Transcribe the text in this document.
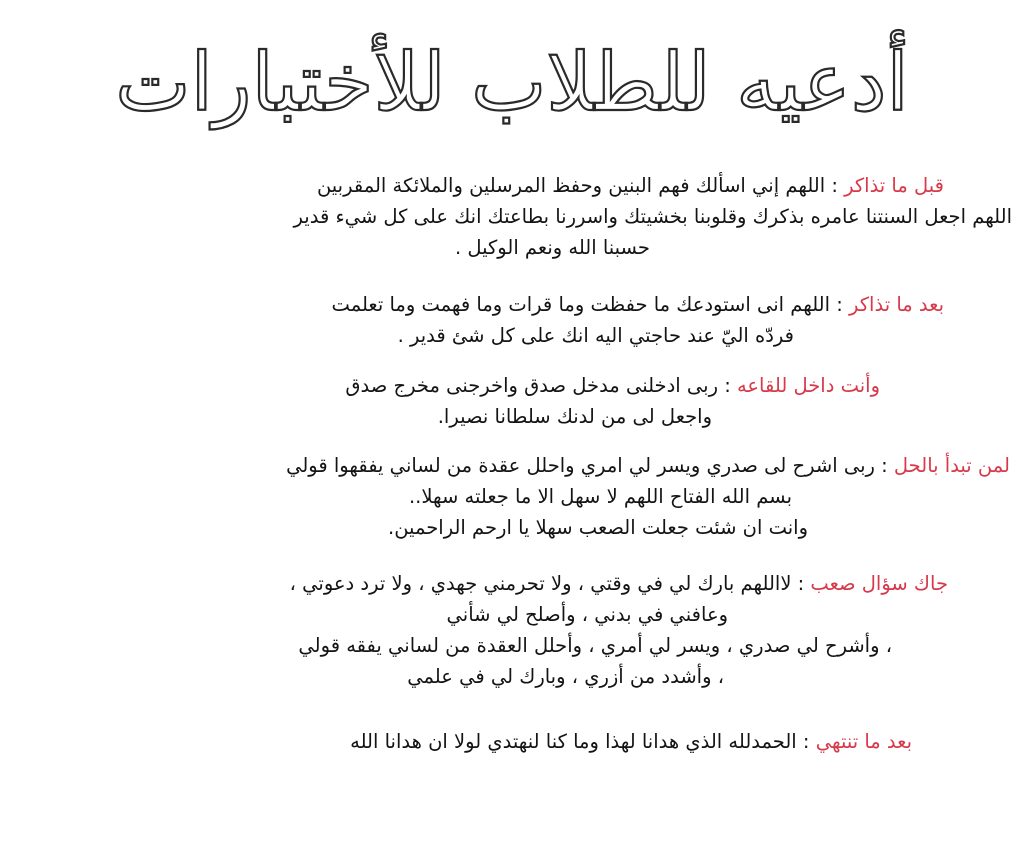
أدعيه للطلاب للأختبارات
قبل ما تذاكر : اللهم إني اسألك فهم البنين وحفظ المرسلين والملائكة المقربين
اللهم اجعل السنتنا عامره بذكرك وقلوبنا بخشيتك واسررنا بطاعتك انك على كل شيء قدير
حسبنا الله ونعم الوكيل .
بعد ما تذاكر : اللهم انى استودعك ما حفظت وما قرات وما فهمت وما تعلمت
فردّه اليّ عند حاجتي اليه انك على كل شئ قدير .
وأنت داخل للقاعه : ربى ادخلنى مدخل صدق واخرجنى مخرج صدق
واجعل لى من لدنك سلطانا نصيرا.
لمن تبدأ بالحل : ربى اشرح لى صدري ويسر لي امري واحلل عقدة من لساني يفقهوا قولي
بسم الله الفتاح اللهم لا سهل الا ما جعلته سهلا..
وانت ان شئت جعلت الصعب سهلا يا ارحم الراحمين.
جاك سؤال صعب : لااللهم بارك لي في وقتي ، ولا تحرمني جهدي ، ولا ترد دعوتي ،
وعافني في بدني ، وأصلح لي شأني
، وأشرح لي صدري ، ويسر لي أمري ، وأحلل العقدة من لساني يفقه قولي
، وأشدد من أزري ، وبارك لي في علمي
بعد ما تنتهي : الحمدلله الذي هدانا لهذا وما كنا لنهتدي لولا ان هدانا الله
